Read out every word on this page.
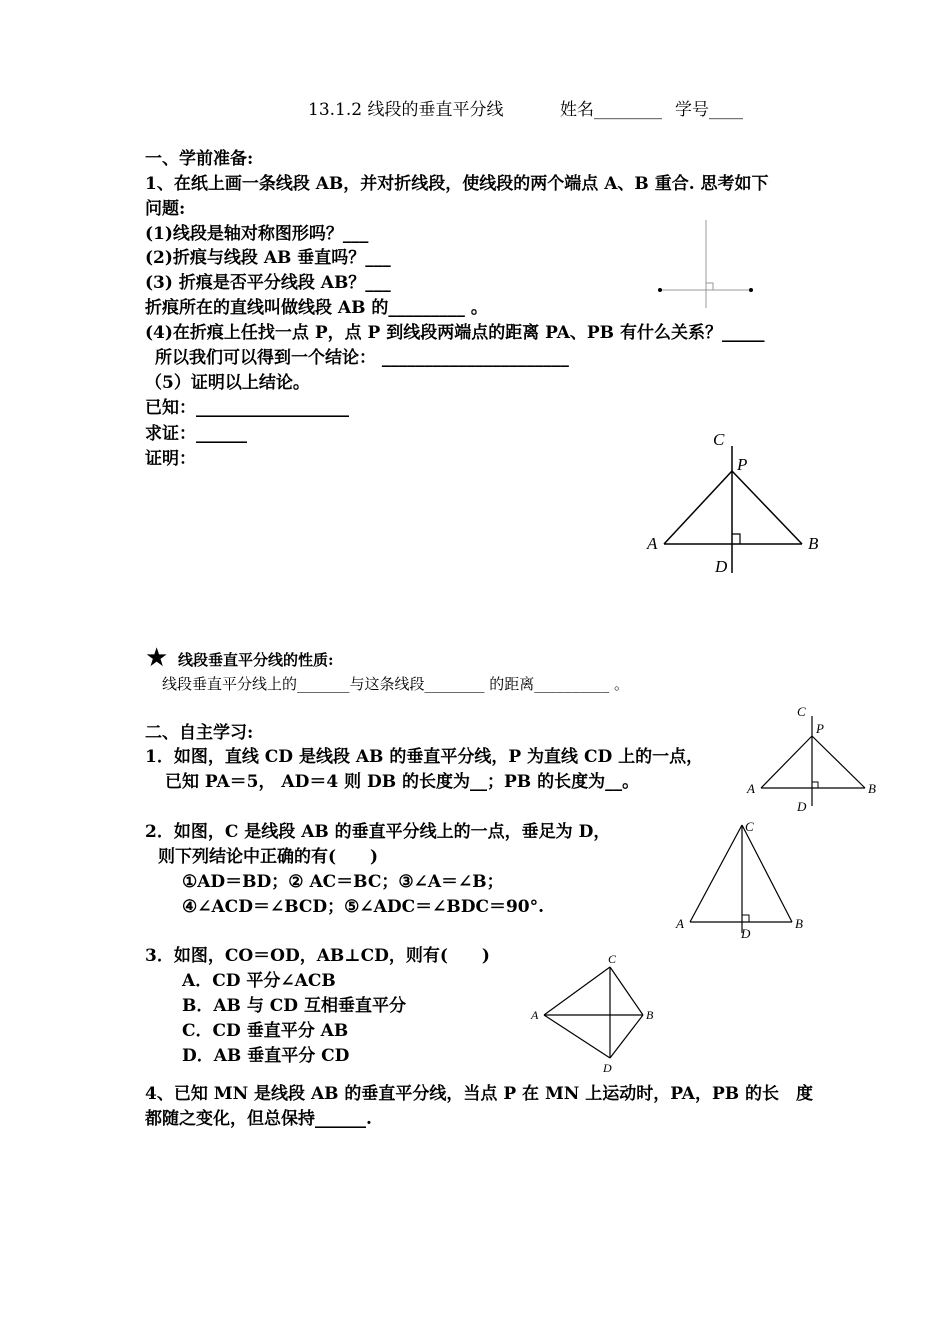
13.1.2 线段的垂直平分线	姓名________ 学号____
一、学前准备:
1、在纸上画一条线段 AB，并对折线段，使线段的两个端点 A、B 重合. 思考如下
问题:
(1)线段是轴对称图形吗？___
(2)折痕与线段 AB 垂直吗？___
(3) 折痕是否平分线段 AB？___
折痕所在的直线叫做线段 AB 的_________ 。
(4)在折痕上任找一点 P，点 P 到线段两端点的距离 PA、PB 有什么关系？_____
所以我们可以得到一个结论： ______________________
（5）证明以上结论。
已知：__________________
求证：______
证明：
C
P
A	B
D
★ 线段垂直平分线的性质:
线段垂直平分线上的_______与这条线段________ 的距离__________ 。
二、自主学习:
1．如图，直线 CD 是线段 AB 的垂直平分线，P 为直线 CD 上的一点，
已知 PA＝5， AD＝4 则 DB 的长度为__；PB 的长度为__。
C
P
A
D
B
2．如图，C 是线段 AB 的垂直平分线上的一点，垂足为 D，
则下列结论中正确的有(　　)
①AD＝BD；② AC＝BC；③∠A＝∠B；
④∠ACD＝∠BCD；⑤∠ADC＝∠BDC＝90°.
C
A
D
B
3．如图，CO＝OD，AB⊥CD，则有(　　)
A．CD 平分∠ACB
B．AB 与 CD 互相垂直平分
C．CD 垂直平分 AB
D．AB 垂直平分 CD
C
A	B
D
4、已知 MN 是线段 AB 的垂直平分线，当点 P 在 MN 上运动时，PA，PB 的长　度
都随之变化，但总保持______.
